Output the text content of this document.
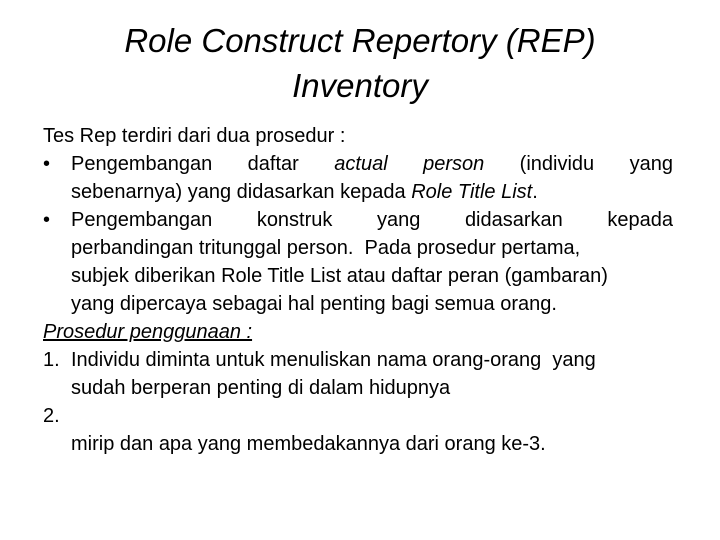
Role Construct Repertory (REP)
Inventory
Tes Rep terdiri dari dua prosedur :
• Pengembangan daftar actual person (individu yang
sebenarnya) yang didasarkan kepada Role Title List.
• Pengembangan konstruk yang didasarkan kepada
perbandingan tritunggal person.  Pada prosedur pertama,
subjek diberikan Role Title List atau daftar peran (gambaran)
yang dipercaya sebagai hal penting bagi semua orang.
Prosedur penggunaan :
1. Individu diminta untuk menuliskan nama orang-orang  yang
sudah berperan penting di dalam hidupnya
2.
mirip dan apa yang membedakannya dari orang ke-3.
